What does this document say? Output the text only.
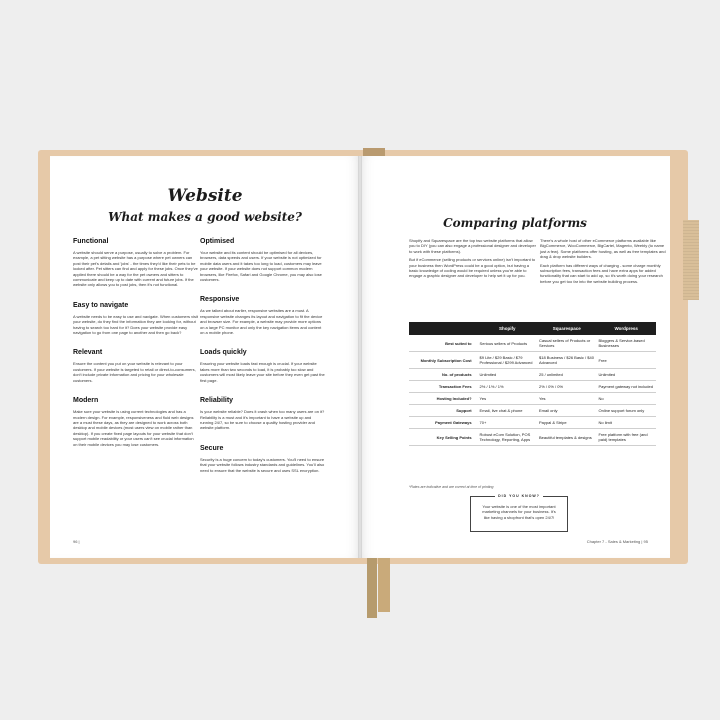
Website
What makes a good website?
Functional

A website should serve a purpose, usually to solve a problem. For example, a pet sitting website has a purpose where pet owners can post their pet's details and 'jobs' - the times they'd like their pets to be looked after. Pet sitters can find and apply for these jobs. Once they've applied there should be a way for the pet owners and sitters to communicate and keep up to date with current and future jobs. If the website only allows you to post jobs, then it's not functional.

Easy to navigate

A website needs to be easy to use and navigate. When customers visit your website, do they find the information they are looking for, without having to search too hard for it? Does your website provide easy navigation to go from one page to another and then go back?

Relevant

Ensure the content you put on your website is relevant to your customers. If your website is targeted to retail or direct-to-consumers, don't include private information and pricing for your wholesale customers.

Modern

Make sure your website is using current technologies and has a modern design. For example, responsiveness and fluid web designs are a must these days, as they are designed to work across both desktop and mobile devices (most users view on mobile rather than desktop). If you create fixed page layouts for your website that don't support mobile readability or your users can't see crucial information on their mobile devices you may lose customers.

Optimised

Your website and its content should be optimised for all devices, browsers, data speeds and users. If your website is not optimized for mobile data users and it takes too long to load, customers may leave your website. If your website does not support common modern browsers, like Firefox, Safari and Google Chrome, you may also lose customers.

Responsive

As we talked about earlier, responsive websites are a must. A responsive website changes its layout and navigation to fit the device and browser size. For example, a website may provide more options on a large PC monitor and only the key navigation items and content on a mobile phone.

Loads quickly

Ensuring your website loads fast enough is crucial. If your website takes more than two seconds to load, it is probably too slow and customers will most likely leave your site before they even get past the first page.

Reliability

Is your website reliable? Does it crash when too many users are on it? Reliability is a must and it's important to have a website up and running 24/7, so be sure to choose a quality hosting provider and website platform.

Secure

Security is a huge concern to today's customers. You'll need to ensure that your website follows industry standards and guidelines. You'll also need to ensure that the website is secure and uses SSL encryption.

96 |
Comparing platforms

Shopify and Squarespace are the top two website platforms that allow you to DIY (you can also engage a professional designer and developer to work with these platforms).

But if eCommerce (selling products or services online) isn't important to your business then WordPress could be a good option, but having a basic knowledge of coding would be required unless you're able to engage a graphic designer and developer to help set it up for you.

There's a whole host of other eCommerce platforms available like BigCommerce, WooCommerce, BigCartel, Magento, Weebly (to name just a few). Some platforms offer hosting, as well as free templates and drag & drop website builders.

Each platform has different ways of charging - some charge monthly subscription fees, transaction fees and have extra apps for added functionality that can start to add up, so it's worth doing your research before you get too far into the website building process.

	Shopify	Squarespace	Wordpress
Best suited to	Serious sellers of Products	Casual sellers of Products or Services	Bloggers & Service-based Businesses
Monthly Subscription Cost	$9 Lite / $29 Basic / $79 Professional / $299 Advanced	$18 Business / $26 Basic / $40 Advanced	Free
No. of products	Unlimited	25 / unlimited	Unlimited
Transaction Fees	2% / 1% / 1%	2% / 0% / 0%	Payment gateway not included
Hosting Included?	Yes	Yes	No
Support	Email, live chat & phone	Email only	Online support forum only
Payment Gateways	70+	Paypal & Stripe	No limit
Key Selling Points	Robust eCom Solution, POS Technology, Reporting, Apps	Beautiful templates & designs	Free platform with free (and paid) templates
*Rates are indicative and are correct at time of printing
DID YOU KNOW?
Your website is one of the most important marketing channels for your business. It's like having a shopfront that's open 24/7!
Chapter 7 - Sales & Marketing | 95
